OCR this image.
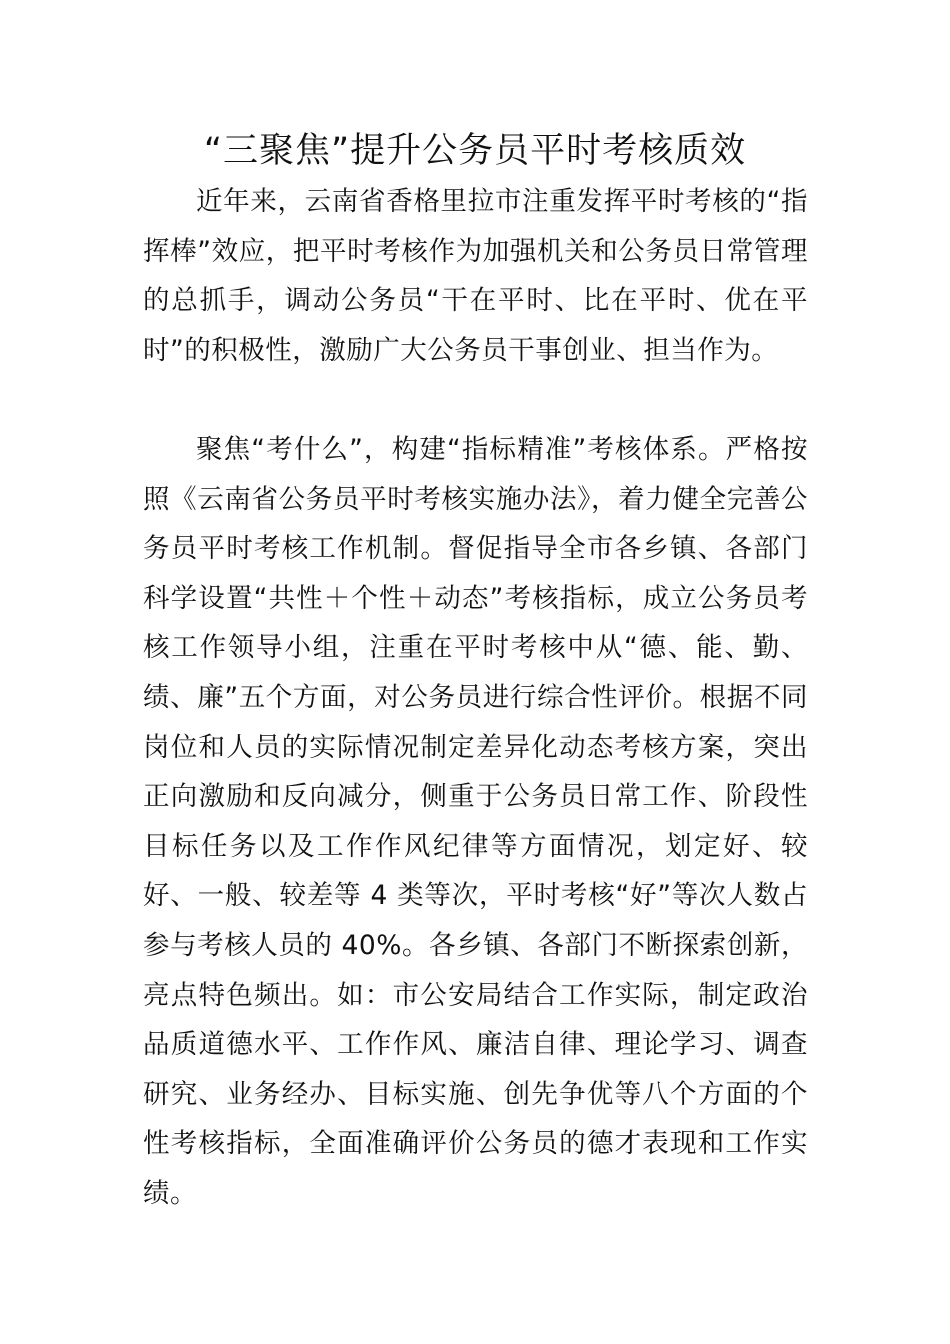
“三聚焦”提升公务员平时考核质效

近年来，云南省香格里拉市注重发挥平时考核的“指挥棒”效应，把平时考核作为加强机关和公务员日常管理的总抓手，调动公务员“干在平时、比在平时、优在平时”的积极性，激励广大公务员干事创业、担当作为。

聚焦“考什么”，构建“指标精准”考核体系。严格按照《云南省公务员平时考核实施办法》，着力健全完善公务员平时考核工作机制。督促指导全市各乡镇、各部门科学设置“共性＋个性＋动态”考核指标，成立公务员考核工作领导小组，注重在平时考核中从“德、能、勤、绩、廉”五个方面，对公务员进行综合性评价。根据不同岗位和人员的实际情况制定差异化动态考核方案，突出正向激励和反向减分，侧重于公务员日常工作、阶段性目标任务以及工作作风纪律等方面情况，划定好、较好、一般、较差等 4 类等次，平时考核“好”等次人数占参与考核人员的 40%。各乡镇、各部门不断探索创新，亮点特色频出。如：市公安局结合工作实际，制定政治品质道德水平、工作作风、廉洁自律、理论学习、调查研究、业务经办、目标实施、创先争优等八个方面的个性考核指标，全面准确评价公务员的德才表现和工作实绩。
